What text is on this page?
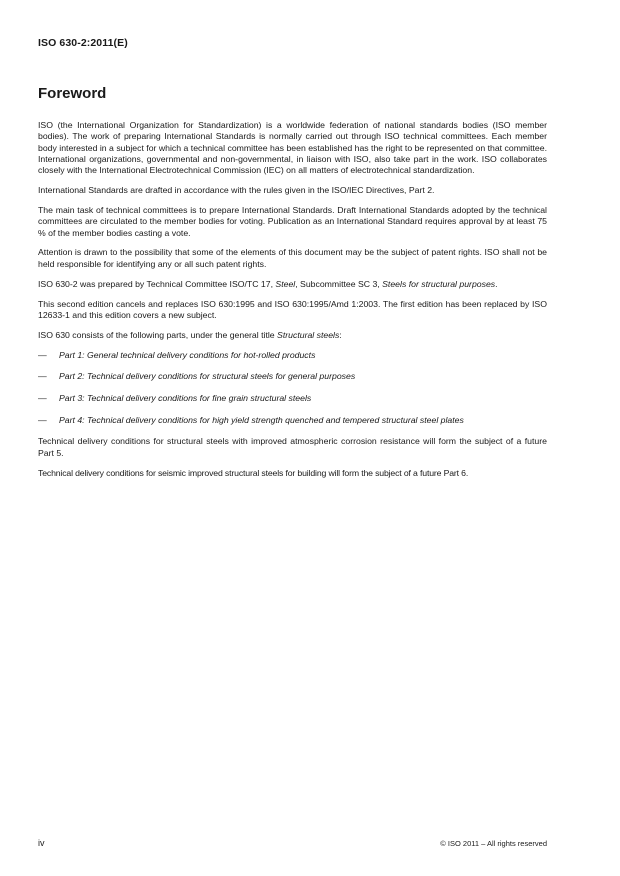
ISO 630-2:2011(E)
Foreword

ISO (the International Organization for Standardization) is a worldwide federation of national standards bodies (ISO member bodies). The work of preparing International Standards is normally carried out through ISO technical committees. Each member body interested in a subject for which a technical committee has been established has the right to be represented on that committee. International organizations, governmental and non-governmental, in liaison with ISO, also take part in the work. ISO collaborates closely with the International Electrotechnical Commission (IEC) on all matters of electrotechnical standardization.

International Standards are drafted in accordance with the rules given in the ISO/IEC Directives, Part 2.

The main task of technical committees is to prepare International Standards. Draft International Standards adopted by the technical committees are circulated to the member bodies for voting. Publication as an International Standard requires approval by at least 75 % of the member bodies casting a vote.

Attention is drawn to the possibility that some of the elements of this document may be the subject of patent rights. ISO shall not be held responsible for identifying any or all such patent rights.

ISO 630-2 was prepared by Technical Committee ISO/TC 17, Steel, Subcommittee SC 3, Steels for structural purposes.

This second edition cancels and replaces ISO 630:1995 and ISO 630:1995/Amd 1:2003. The first edition has been replaced by ISO 12633-1 and this edition covers a new subject.

ISO 630 consists of the following parts, under the general title Structural steels:

— Part 1: General technical delivery conditions for hot-rolled products

— Part 2: Technical delivery conditions for structural steels for general purposes

— Part 3: Technical delivery conditions for fine grain structural steels

— Part 4: Technical delivery conditions for high yield strength quenched and tempered structural steel plates

Technical delivery conditions for structural steels with improved atmospheric corrosion resistance will form the subject of a future Part 5.

Technical delivery conditions for seismic improved structural steels for building will form the subject of a future Part 6.

iv	© ISO 2011 – All rights reserved
